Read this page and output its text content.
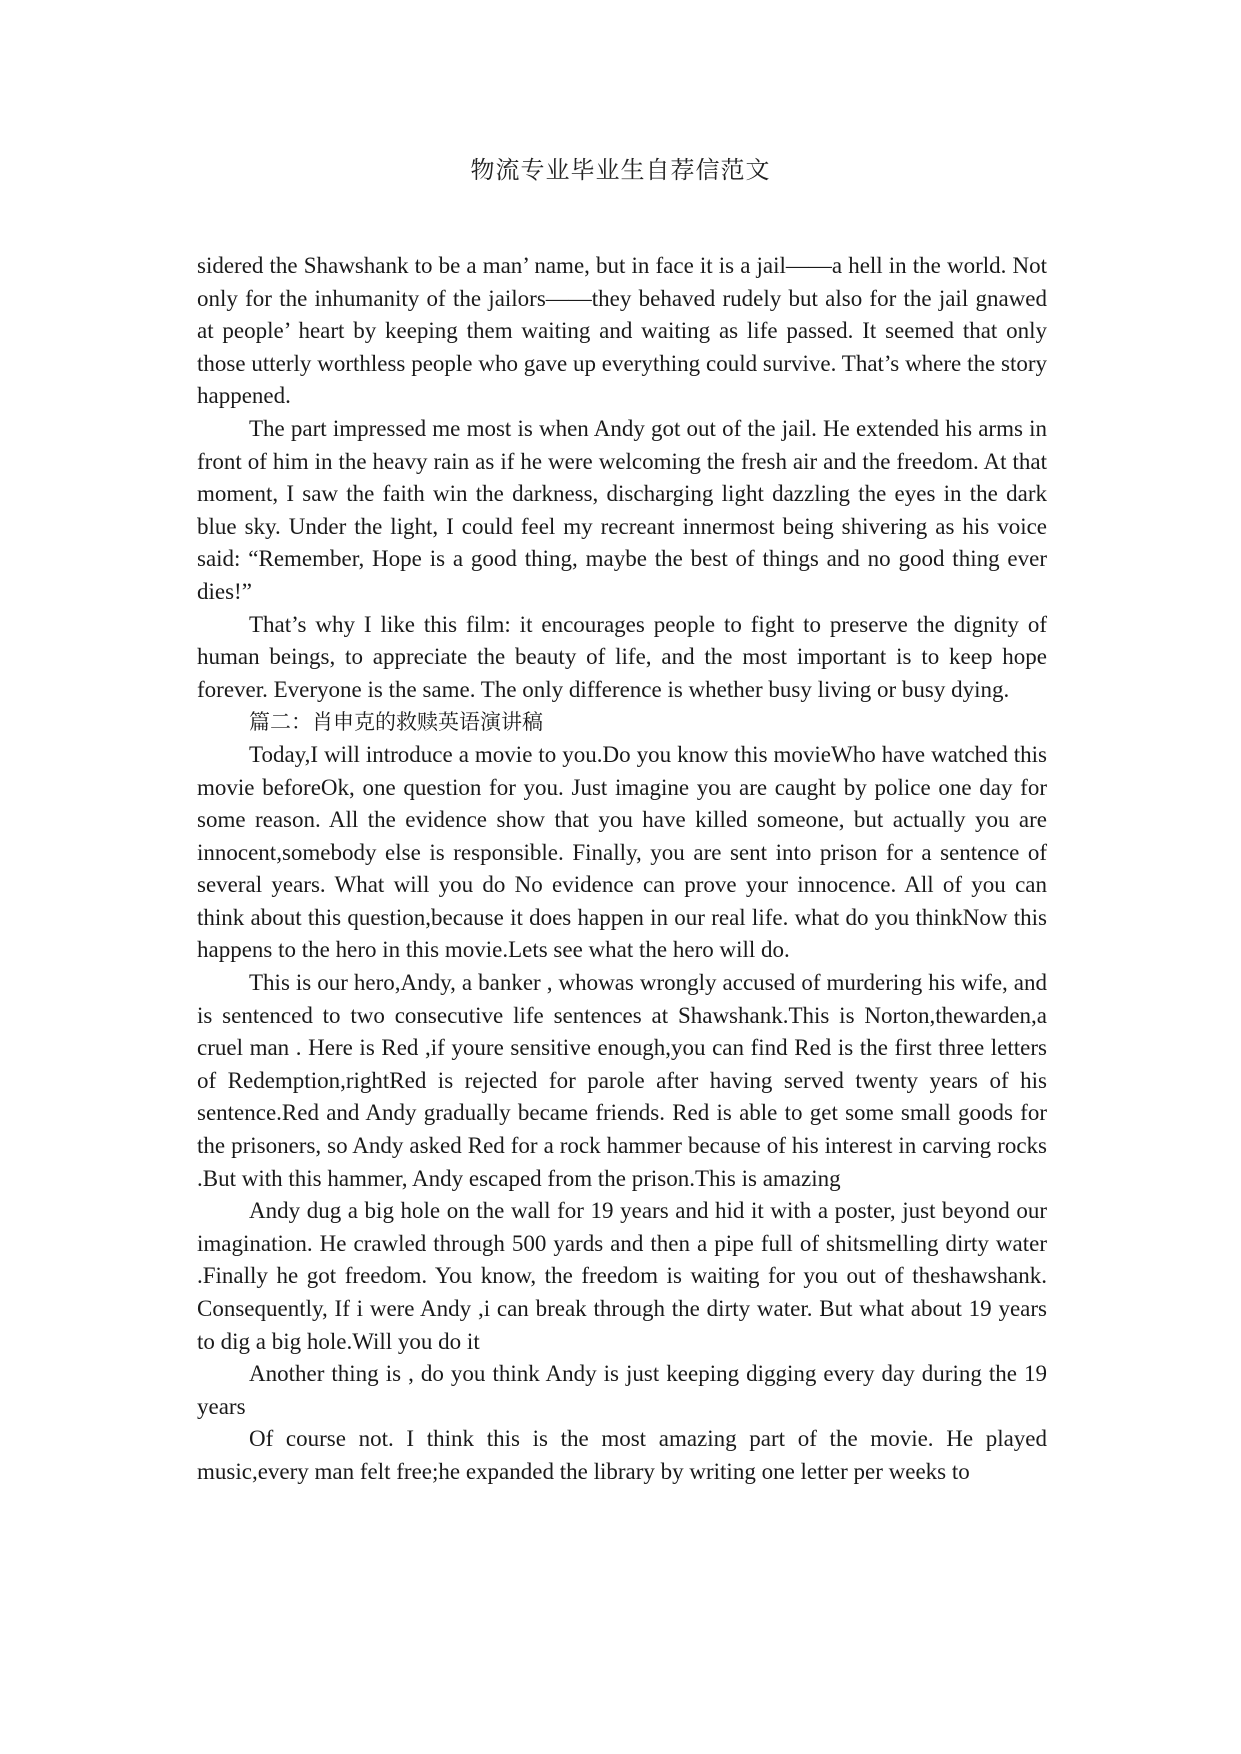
物流专业毕业生自荐信范文

sidered the Shawshank to be a man’ name, but in face it is a jail——a hell in the world. Not only for the inhumanity of the jailors——they behaved rudely but also for the jail gnawed at people’ heart by keeping them waiting and waiting as life passed. It seemed that only those utterly worthless people who gave up everything could survive. That’s where the story happened.

The part impressed me most is when Andy got out of the jail. He extended his arms in front of him in the heavy rain as if he were welcoming the fresh air and the freedom. At that moment, I saw the faith win the darkness, discharging light dazzling the eyes in the dark blue sky. Under the light, I could feel my recreant innermost being shivering as his voice said: “Remember, Hope is a good thing, maybe the best of things and no good thing ever dies!”

That’s why I like this film: it encourages people to fight to preserve the dignity of human beings, to appreciate the beauty of life, and the most important is to keep hope forever. Everyone is the same. The only difference is whether busy living or busy dying.

篇二：肖申克的救赎英语演讲稿

Today,I will introduce a movie to you.Do you know this movieWho have watched this movie beforeOk, one question for you. Just imagine you are caught by police one day for some reason. All the evidence show that you have killed someone, but actually you are innocent,somebody else is responsible. Finally, you are sent into prison for a sentence of several years. What will you do No evidence can prove your innocence. All of you can think about this question,because it does happen in our real life. what do you thinkNow this happens to the hero in this movie.Lets see what the hero will do.

This is our hero,Andy, a banker , whowas wrongly accused of murdering his wife, and is sentenced to two consecutive life sentences at Shawshank.This is Norton,thewarden,a cruel man . Here is Red ,if youre sensitive enough,you can find Red is the first three letters of Redemption,rightRed is rejected for parole after having served twenty years of his sentence.Red and Andy gradually became friends. Red is able to get some small goods for the prisoners, so Andy asked Red for a rock hammer because of his interest in carving rocks .But with this hammer, Andy escaped from the prison.This is amazing

Andy dug a big hole on the wall for 19 years and hid it with a poster, just beyond our imagination. He crawled through 500 yards and then a pipe full of shitsmelling dirty water .Finally he got freedom. You know, the freedom is waiting for you out of theshawshank. Consequently, If i were Andy ,i can break through the dirty water. But what about 19 years to dig a big hole.Will you do it

Another thing is , do you think Andy is just keeping digging every day during the 19 years

Of course not. I think this is the most amazing part of the movie. He played music,every man felt free;he expanded the library by writing one letter per weeks to
